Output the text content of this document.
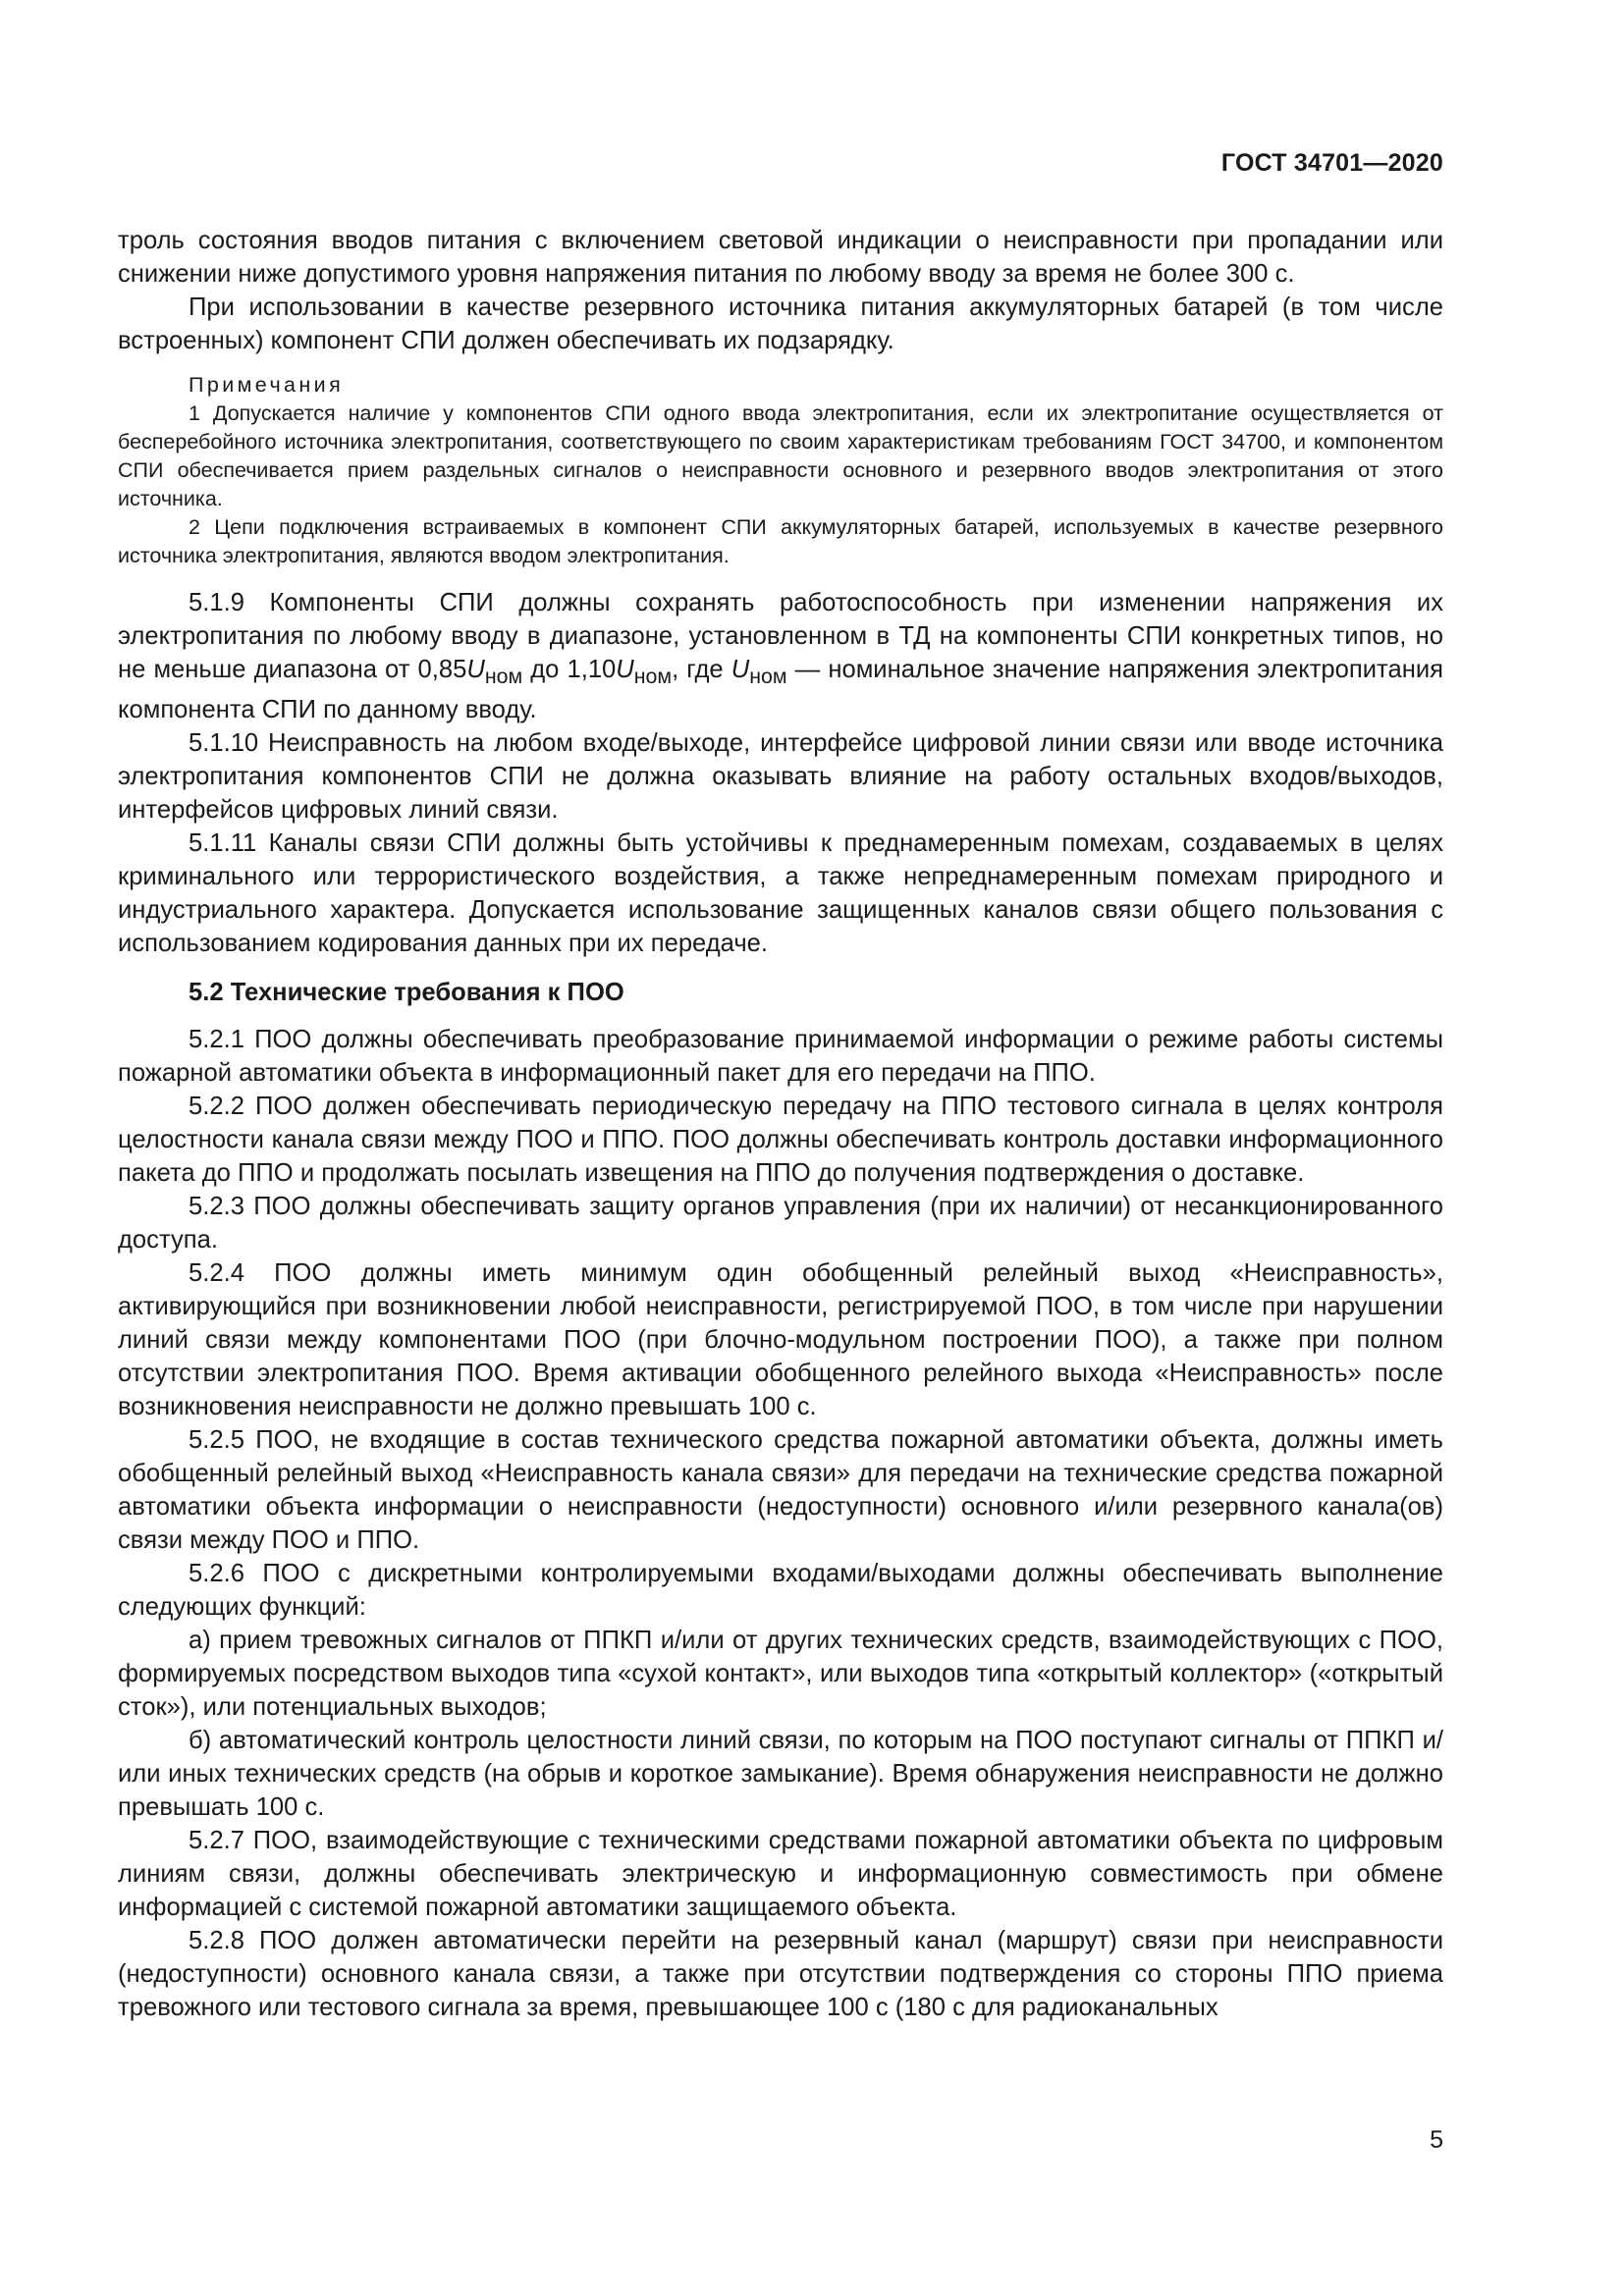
ГОСТ 34701—2020

троль состояния вводов питания с включением световой индикации о неисправности при пропадании или снижении ниже допустимого уровня напряжения питания по любому вводу за время не более 300 с.

При использовании в качестве резервного источника питания аккумуляторных батарей (в том числе встроенных) компонент СПИ должен обеспечивать их подзарядку.

Примечания

1 Допускается наличие у компонентов СПИ одного ввода электропитания, если их электропитание осуществляется от бесперебойного источника электропитания, соответствующего по своим характеристикам требованиям ГОСТ 34700, и компонентом СПИ обеспечивается прием раздельных сигналов о неисправности основного и резервного вводов электропитания от этого источника.

2 Цепи подключения встраиваемых в компонент СПИ аккумуляторных батарей, используемых в качестве резервного источника электропитания, являются вводом электропитания.

5.1.9 Компоненты СПИ должны сохранять работоспособность при изменении напряжения их электропитания по любому вводу в диапазоне, установленном в ТД на компоненты СПИ конкретных типов, но не меньше диапазона от $0,85U_{ном}$ до $1,10U_{ном}$, где $U_{ном}$ — номинальное значение напряжения электропитания компонента СПИ по данному вводу.

5.1.10 Неисправность на любом входе/выходе, интерфейсе цифровой линии связи или вводе источника электропитания компонентов СПИ не должна оказывать влияние на работу остальных входов/выходов, интерфейсов цифровых линий связи.

5.1.11 Каналы связи СПИ должны быть устойчивы к преднамеренным помехам, создаваемых в целях криминального или террористического воздействия, а также непреднамеренным помехам природного и индустриального характера. Допускается использование защищенных каналов связи общего пользования с использованием кодирования данных при их передаче.

5.2 Технические требования к ПОО

5.2.1 ПОО должны обеспечивать преобразование принимаемой информации о режиме работы системы пожарной автоматики объекта в информационный пакет для его передачи на ППО.

5.2.2 ПОО должен обеспечивать периодическую передачу на ППО тестового сигнала в целях контроля целостности канала связи между ПОО и ППО. ПОО должны обеспечивать контроль доставки информационного пакета до ППО и продолжать посылать извещения на ППО до получения подтверждения о доставке.

5.2.3 ПОО должны обеспечивать защиту органов управления (при их наличии) от несанкционированного доступа.

5.2.4 ПОО должны иметь минимум один обобщенный релейный выход «Неисправность», активирующийся при возникновении любой неисправности, регистрируемой ПОО, в том числе при нарушении линий связи между компонентами ПОО (при блочно-модульном построении ПОО), а также при полном отсутствии электропитания ПОО. Время активации обобщенного релейного выхода «Неисправность» после возникновения неисправности не должно превышать 100 с.

5.2.5 ПОО, не входящие в состав технического средства пожарной автоматики объекта, должны иметь обобщенный релейный выход «Неисправность канала связи» для передачи на технические средства пожарной автоматики объекта информации о неисправности (недоступности) основного и/или резервного канала(ов) связи между ПОО и ППО.

5.2.6 ПОО с дискретными контролируемыми входами/выходами должны обеспечивать выполнение следующих функций:

а) прием тревожных сигналов от ППКП и/или от других технических средств, взаимодействующих с ПОО, формируемых посредством выходов типа «сухой контакт», или выходов типа «открытый коллектор» («открытый сток»), или потенциальных выходов;

б) автоматический контроль целостности линий связи, по которым на ПОО поступают сигналы от ППКП и/или иных технических средств (на обрыв и короткое замыкание). Время обнаружения неисправности не должно превышать 100 с.

5.2.7 ПОО, взаимодействующие с техническими средствами пожарной автоматики объекта по цифровым линиям связи, должны обеспечивать электрическую и информационную совместимость при обмене информацией с системой пожарной автоматики защищаемого объекта.

5.2.8 ПОО должен автоматически перейти на резервный канал (маршрут) связи при неисправности (недоступности) основного канала связи, а также при отсутствии подтверждения со стороны ППО приема тревожного или тестового сигнала за время, превышающее 100 с (180 с для радиоканальных

5
